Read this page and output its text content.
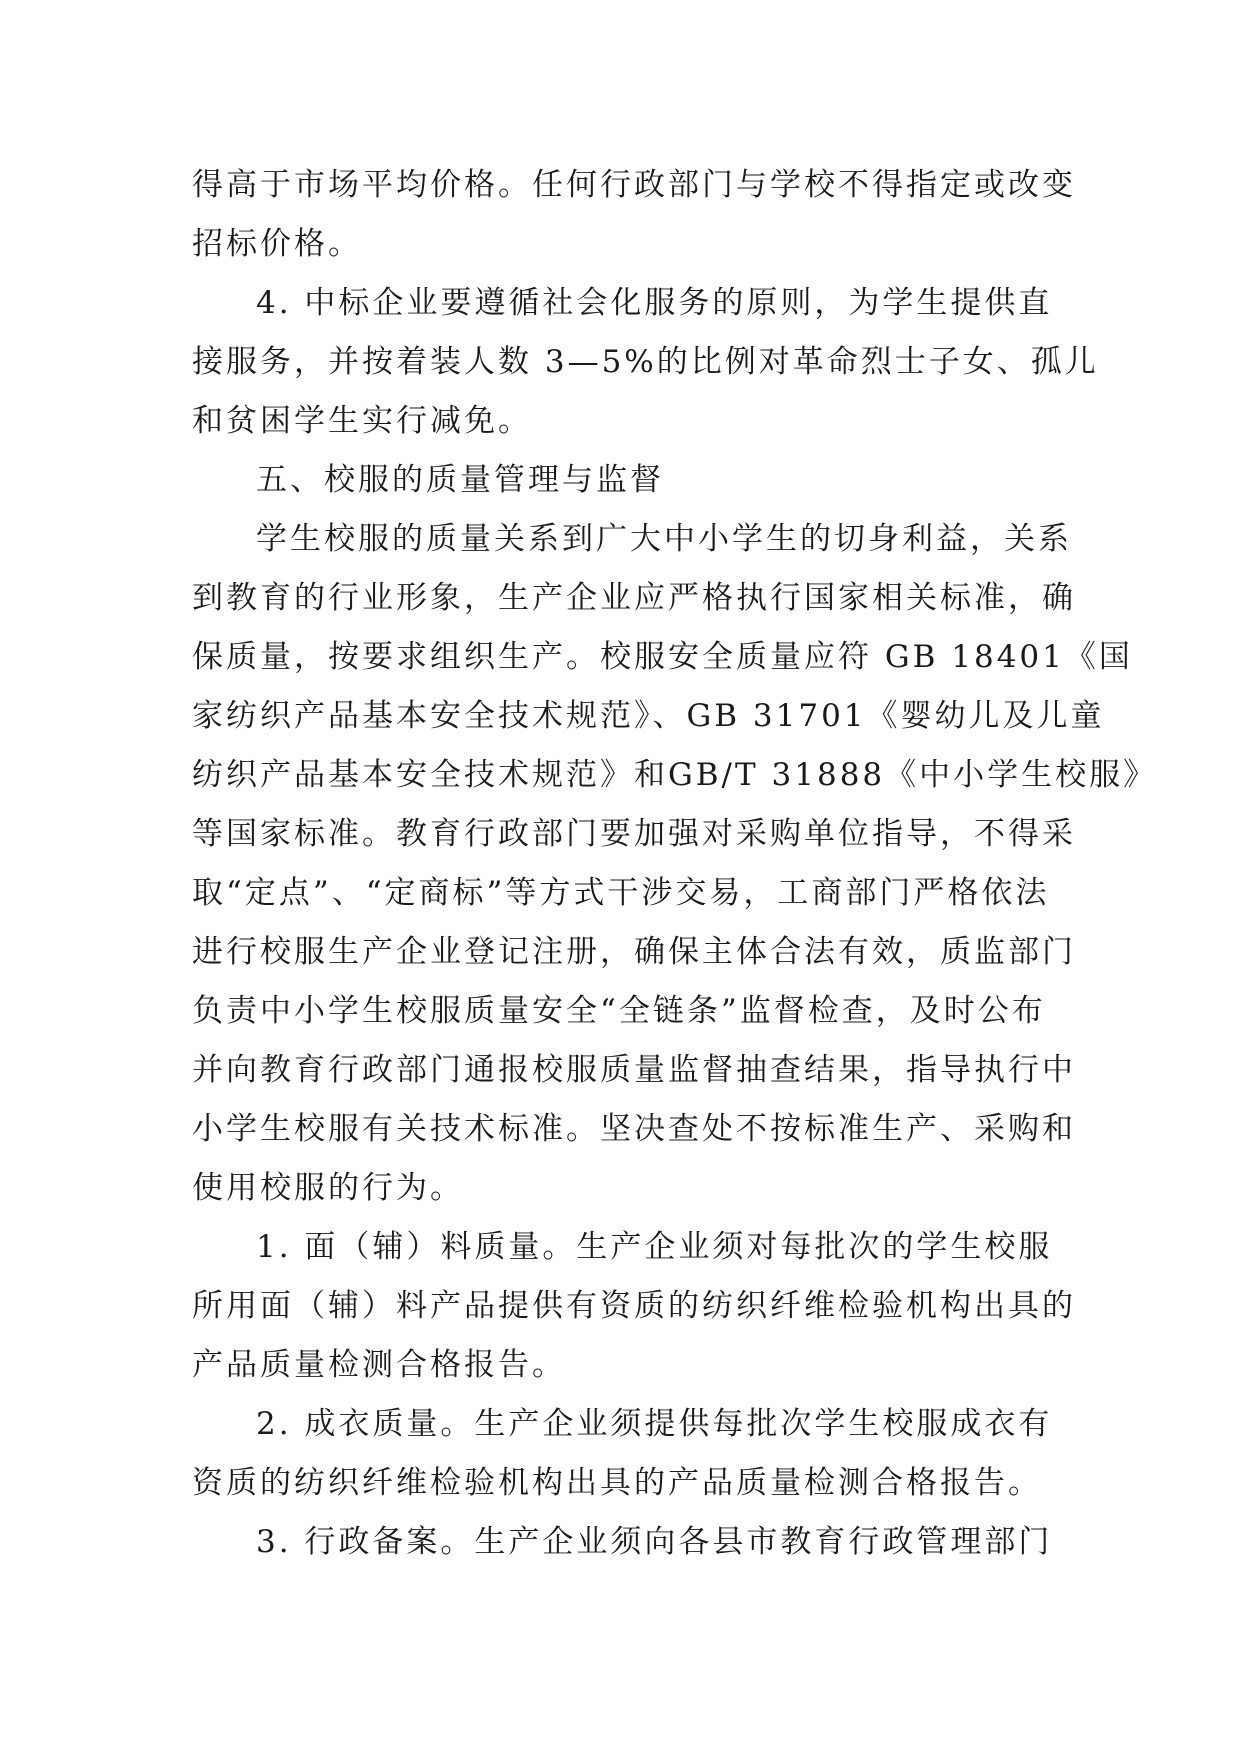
得高于市场平均价格。任何行政部门与学校不得指定或改变
招标价格。
4. 中标企业要遵循社会化服务的原则，为学生提供直
接服务，并按着装人数 3—5%的比例对革命烈士子女、孤儿
和贫困学生实行减免。
五、校服的质量管理与监督
学生校服的质量关系到广大中小学生的切身利益，关系
到教育的行业形象，生产企业应严格执行国家相关标准，确
保质量，按要求组织生产。校服安全质量应符 GB 18401《国
家纺织产品基本安全技术规范》、GB 31701《婴幼儿及儿童
纺织产品基本安全技术规范》和GB/T 31888《中小学生校服》
等国家标准。教育行政部门要加强对采购单位指导，不得采
取“定点”、“定商标”等方式干涉交易，工商部门严格依法
进行校服生产企业登记注册，确保主体合法有效，质监部门
负责中小学生校服质量安全“全链条”监督检查，及时公布
并向教育行政部门通报校服质量监督抽查结果，指导执行中
小学生校服有关技术标准。坚决查处不按标准生产、采购和
使用校服的行为。
1. 面（辅）料质量。生产企业须对每批次的学生校服
所用面（辅）料产品提供有资质的纺织纤维检验机构出具的
产品质量检测合格报告。
2. 成衣质量。生产企业须提供每批次学生校服成衣有
资质的纺织纤维检验机构出具的产品质量检测合格报告。
3. 行政备案。生产企业须向各县市教育行政管理部门
